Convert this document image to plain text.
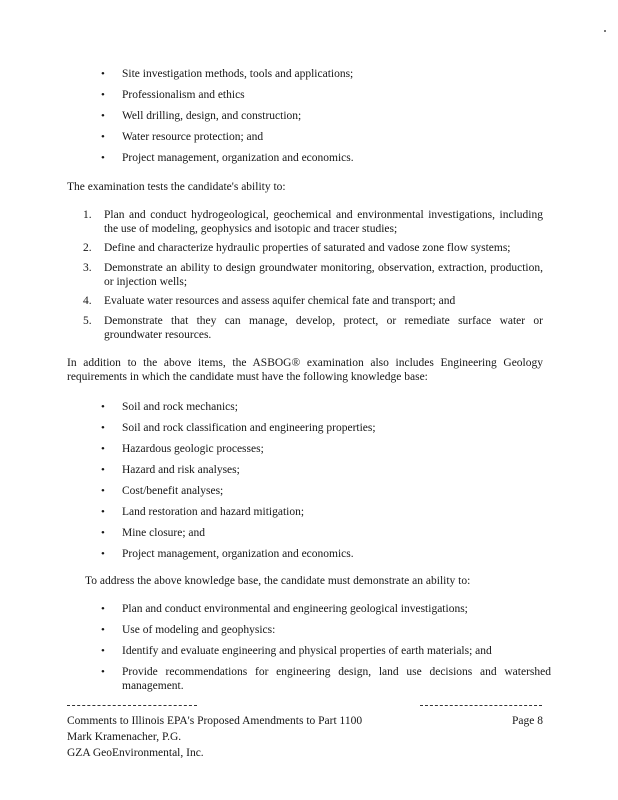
• Site investigation methods, tools and applications;
• Professionalism and ethics
• Well drilling, design, and construction;
• Water resource protection; and
• Project management, organization and economics.

The examination tests the candidate's ability to:

1. Plan and conduct hydrogeological, geochemical and environmental investigations, including the use of modeling, geophysics and isotopic and tracer studies;
2. Define and characterize hydraulic properties of saturated and vadose zone flow systems;
3. Demonstrate an ability to design groundwater monitoring, observation, extraction, production, or injection wells;
4. Evaluate water resources and assess aquifer chemical fate and transport; and
5. Demonstrate that they can manage, develop, protect, or remediate surface water or groundwater resources.

In addition to the above items, the ASBOG® examination also includes Engineering Geology requirements in which the candidate must have the following knowledge base:

• Soil and rock mechanics;
• Soil and rock classification and engineering properties;
• Hazardous geologic processes;
• Hazard and risk analyses;
• Cost/benefit analyses;
• Land restoration and hazard mitigation;
• Mine closure; and
• Project management, organization and economics.

To address the above knowledge base, the candidate must demonstrate an ability to:

• Plan and conduct environmental and engineering geological investigations;
• Use of modeling and geophysics:
• Identify and evaluate engineering and physical properties of earth materials; and
• Provide recommendations for engineering design, land use decisions and watershed management.
Comments to Illinois EPA's Proposed Amendments to Part 1100	Page 8
Mark Kramenacher, P.G.
GZA GeoEnvironmental, Inc.
